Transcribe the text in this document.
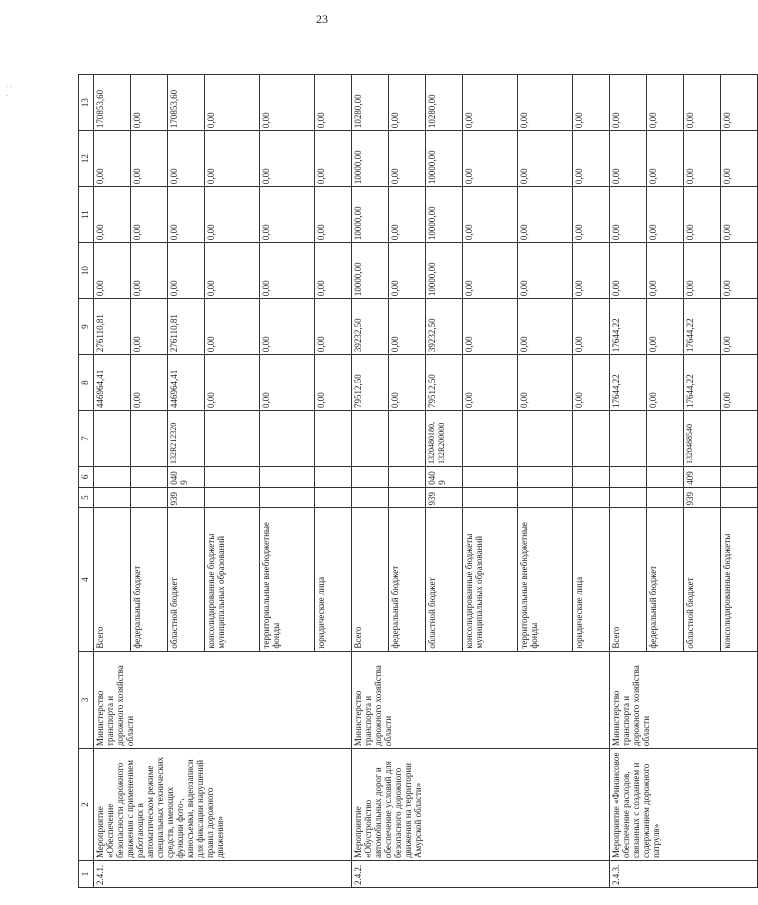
23
. . .
1	2	3	4	5	6	7	8	9	10	11	12	13
2.4.1.	Мероприятие «Обеспечение безопасности дорожного движения с применением работающих в автоматическом режиме специальных технических средств, имеющих функции фото-, киносъемки, видеозаписи для фиксации нарушений правил дорожного движения»	Министерство транспорта и дорожного хозяйства области	Всего				446964,41	276110,81	0,00	0,00	0,00	170853,60
			федеральный бюджет				0,00	0,00	0,00	0,00	0,00	0,00
			областной бюджет	939	0409	132R212320	446964,41	276110,81	0,00	0,00	0,00	170853,60
			консолидированные бюджеты муниципальных образований				0,00	0,00	0,00	0,00	0,00	0,00
			территориальные внебюджетные фонды				0,00	0,00	0,00	0,00	0,00	0,00
			юридические лица				0,00	0,00	0,00	0,00	0,00	0,00
2.4.2.	Мероприятие «Обустройство автомобильных дорог и обеспечение условий для безопасного дорожного движения на территории Амурской области»	Министерство транспорта и дорожного хозяйства области	Всего				79512,50	39232,50	10000,00	10000,00	10000,00	10280,00
			федеральный бюджет				0,00	0,00	0,00	0,00	0,00	0,00
			областной бюджет	939	0409	1320480180, 132R200000	79512,50	39232,50	10000,00	10000,00	10000,00	10280,00
			консолидированные бюджеты муниципальных образований				0,00	0,00	0,00	0,00	0,00	0,00
			территориальные внебюджетные фонды				0,00	0,00	0,00	0,00	0,00	0,00
			юридические лица				0,00	0,00	0,00	0,00	0,00	0,00
2.4.3.	Мероприятие «Финансовое обеспечение расходов, связанных с созданием и содержанием дорожного патруля»	Министерство транспорта и дорожного хозяйства области	Всего				17644,22	17644,22	0,00	0,00	0,00	0,00
			федеральный бюджет				0,00	0,00	0,00	0,00	0,00	0,00
			областной бюджет	939	409	1320488540	17644,22	17644,22	0,00	0,00	0,00	0,00
			консолидированные бюджеты				0,00	0,00	0,00	0,00	0,00	0,00
